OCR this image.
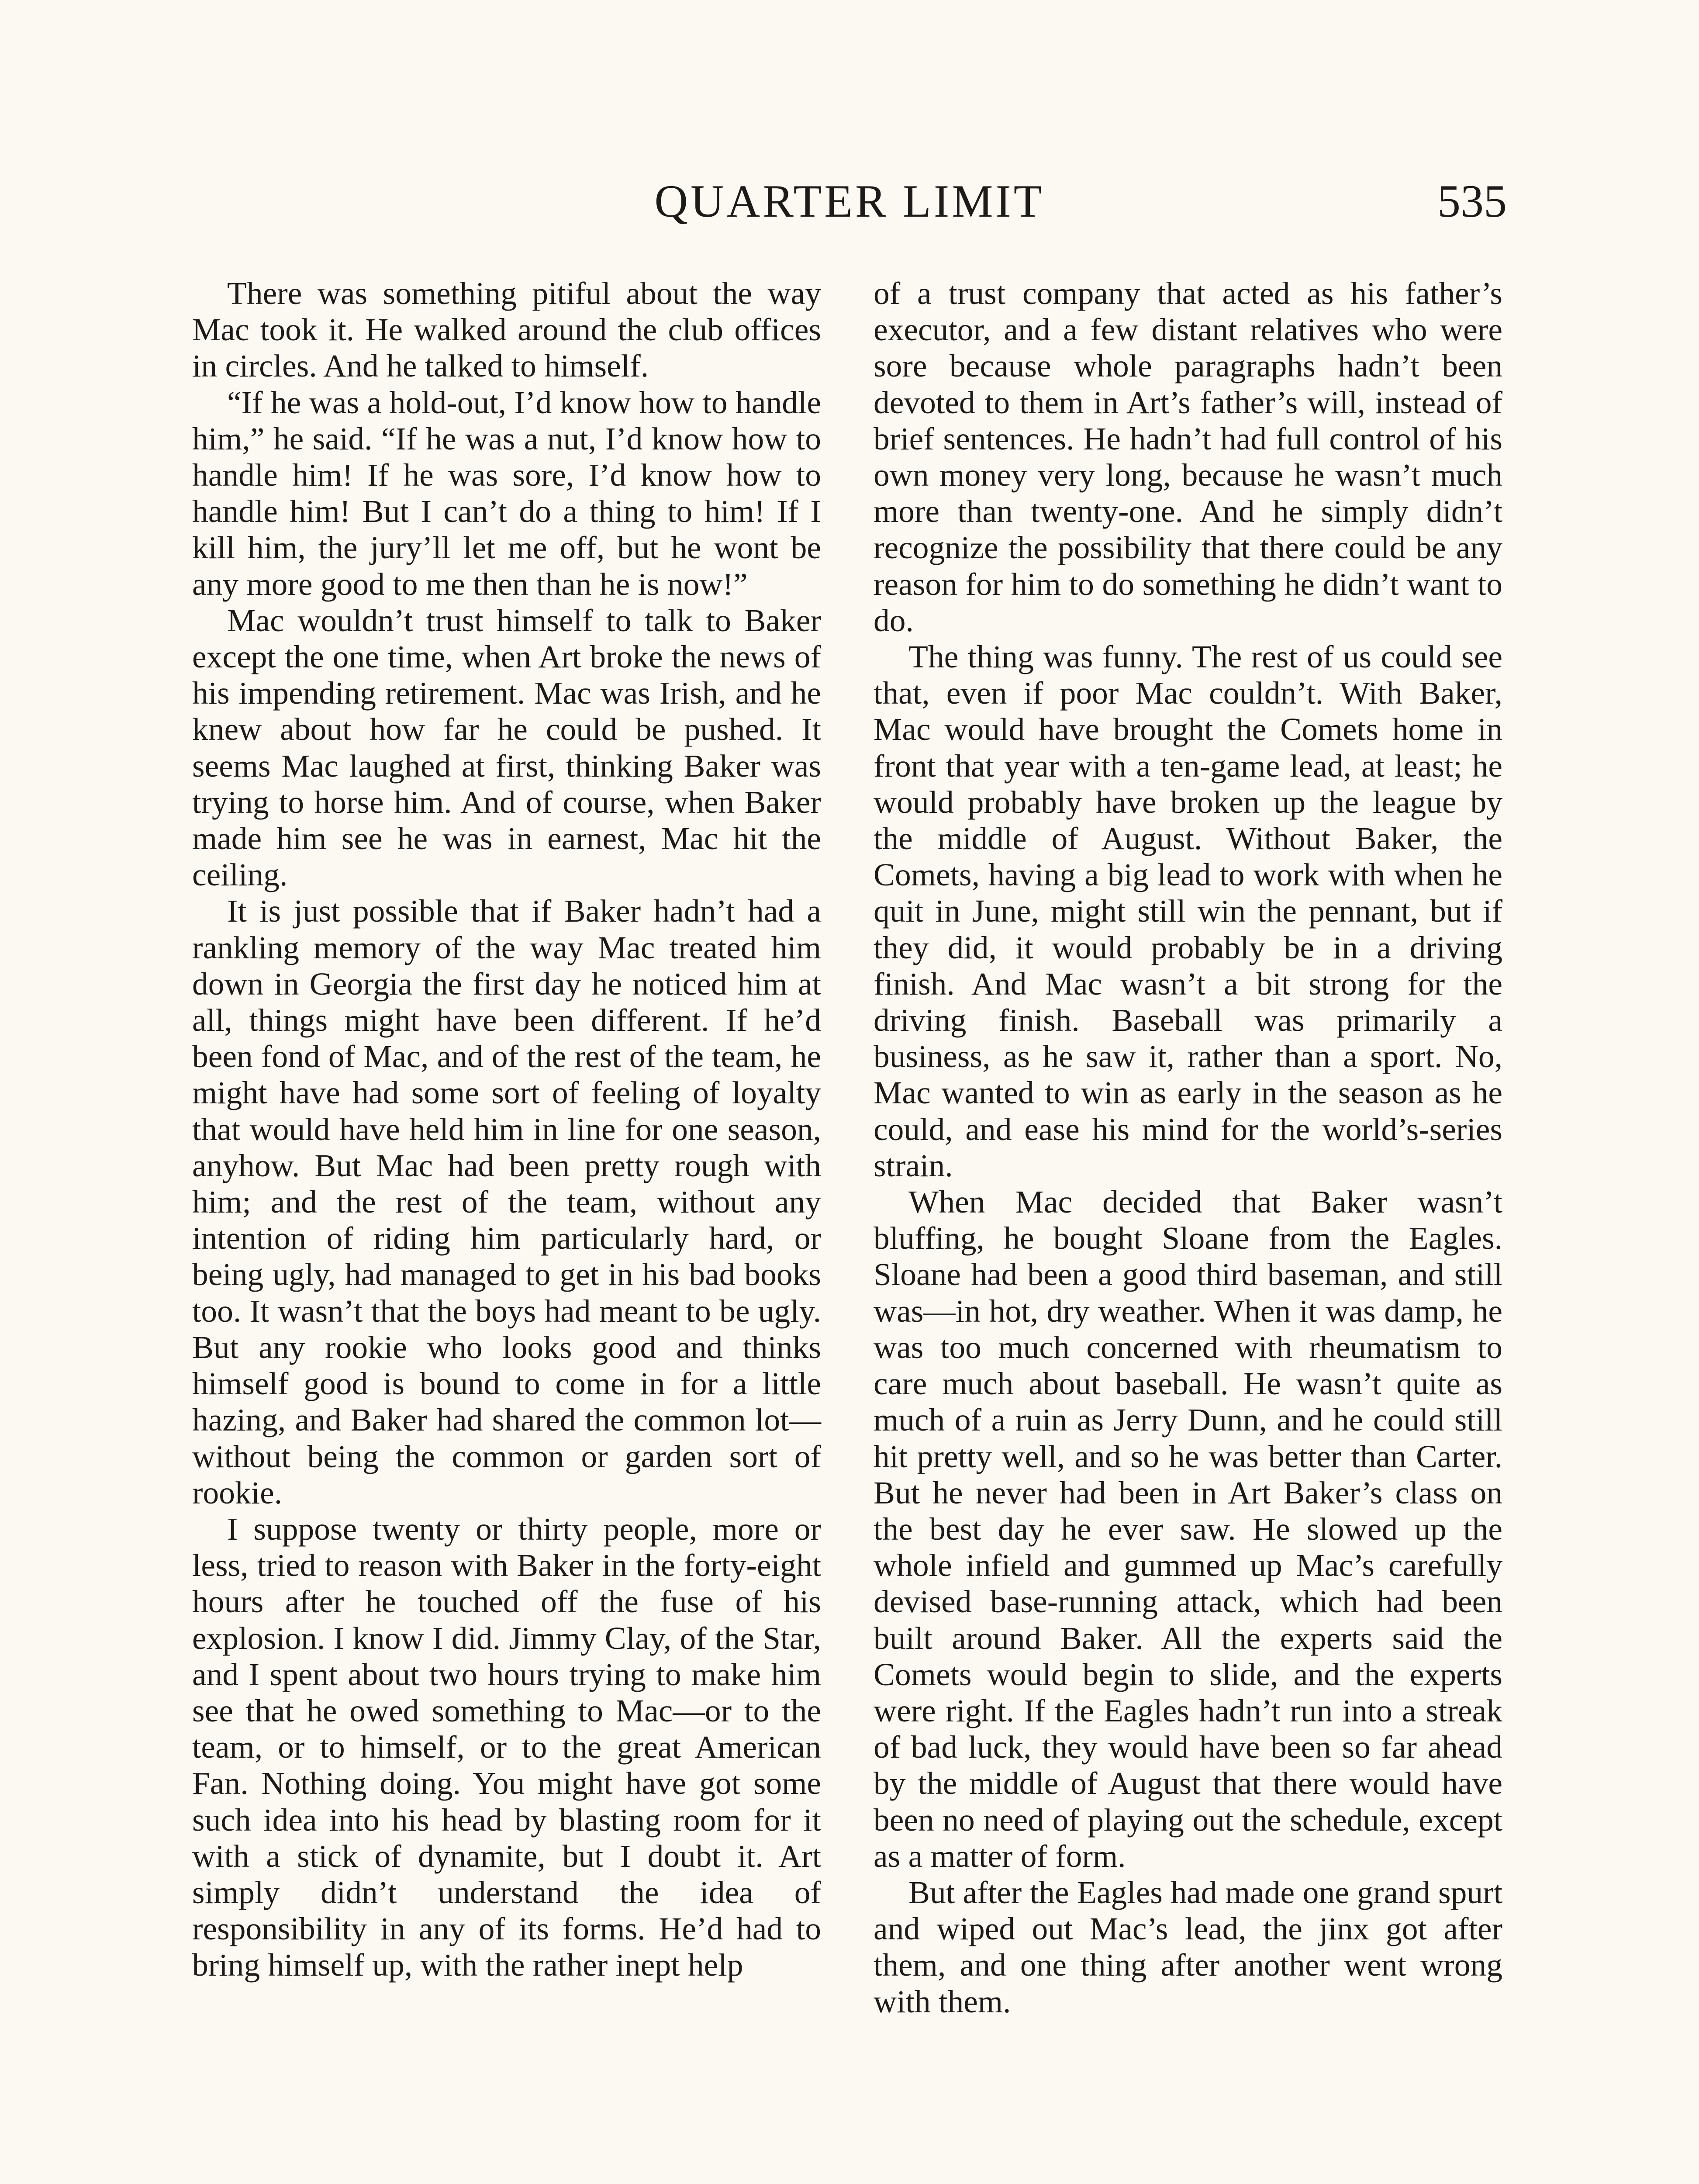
QUARTER LIMIT	535

There was something pitiful about the way Mac took it. He walked around the club offices in circles. And he talked to himself.

“If he was a hold-out, I’d know how to handle him,” he said. “If he was a nut, I’d know how to handle him! If he was sore, I’d know how to handle him! But I can’t do a thing to him! If I kill him, the jury’ll let me off, but he wont be any more good to me then than he is now!”

Mac wouldn’t trust himself to talk to Baker except the one time, when Art broke the news of his impending retirement. Mac was Irish, and he knew about how far he could be pushed. It seems Mac laughed at first, thinking Baker was trying to horse him. And of course, when Baker made him see he was in earnest, Mac hit the ceiling.

It is just possible that if Baker hadn’t had a rankling memory of the way Mac treated him down in Georgia the first day he noticed him at all, things might have been different. If he’d been fond of Mac, and of the rest of the team, he might have had some sort of feeling of loyalty that would have held him in line for one season, anyhow. But Mac had been pretty rough with him; and the rest of the team, without any intention of riding him particularly hard, or being ugly, had managed to get in his bad books too. It wasn’t that the boys had meant to be ugly. But any rookie who looks good and thinks himself good is bound to come in for a little hazing, and Baker had shared the common lot—without being the common or garden sort of rookie.

I suppose twenty or thirty people, more or less, tried to reason with Baker in the forty-eight hours after he touched off the fuse of his explosion. I know I did. Jimmy Clay, of the Star, and I spent about two hours trying to make him see that he owed something to Mac—or to the team, or to himself, or to the great American Fan. Nothing doing. You might have got some such idea into his head by blasting room for it with a stick of dynamite, but I doubt it. Art simply didn’t understand the idea of responsibility in any of its forms. He’d had to bring himself up, with the rather inept help

of a trust company that acted as his father’s executor, and a few distant relatives who were sore because whole paragraphs hadn’t been devoted to them in Art’s father’s will, instead of brief sentences. He hadn’t had full control of his own money very long, because he wasn’t much more than twenty-one. And he simply didn’t recognize the possibility that there could be any reason for him to do something he didn’t want to do.

The thing was funny. The rest of us could see that, even if poor Mac couldn’t. With Baker, Mac would have brought the Comets home in front that year with a ten-game lead, at least; he would probably have broken up the league by the middle of August. Without Baker, the Comets, having a big lead to work with when he quit in June, might still win the pennant, but if they did, it would probably be in a driving finish. And Mac wasn’t a bit strong for the driving finish. Baseball was primarily a business, as he saw it, rather than a sport. No, Mac wanted to win as early in the season as he could, and ease his mind for the world’s-series strain.

When Mac decided that Baker wasn’t bluffing, he bought Sloane from the Eagles. Sloane had been a good third baseman, and still was—in hot, dry weather. When it was damp, he was too much concerned with rheumatism to care much about baseball. He wasn’t quite as much of a ruin as Jerry Dunn, and he could still hit pretty well, and so he was better than Carter. But he never had been in Art Baker’s class on the best day he ever saw. He slowed up the whole infield and gummed up Mac’s carefully devised base-running attack, which had been built around Baker. All the experts said the Comets would begin to slide, and the experts were right. If the Eagles hadn’t run into a streak of bad luck, they would have been so far ahead by the middle of August that there would have been no need of playing out the schedule, except as a matter of form.

But after the Eagles had made one grand spurt and wiped out Mac’s lead, the jinx got after them, and one thing after another went wrong with them.
